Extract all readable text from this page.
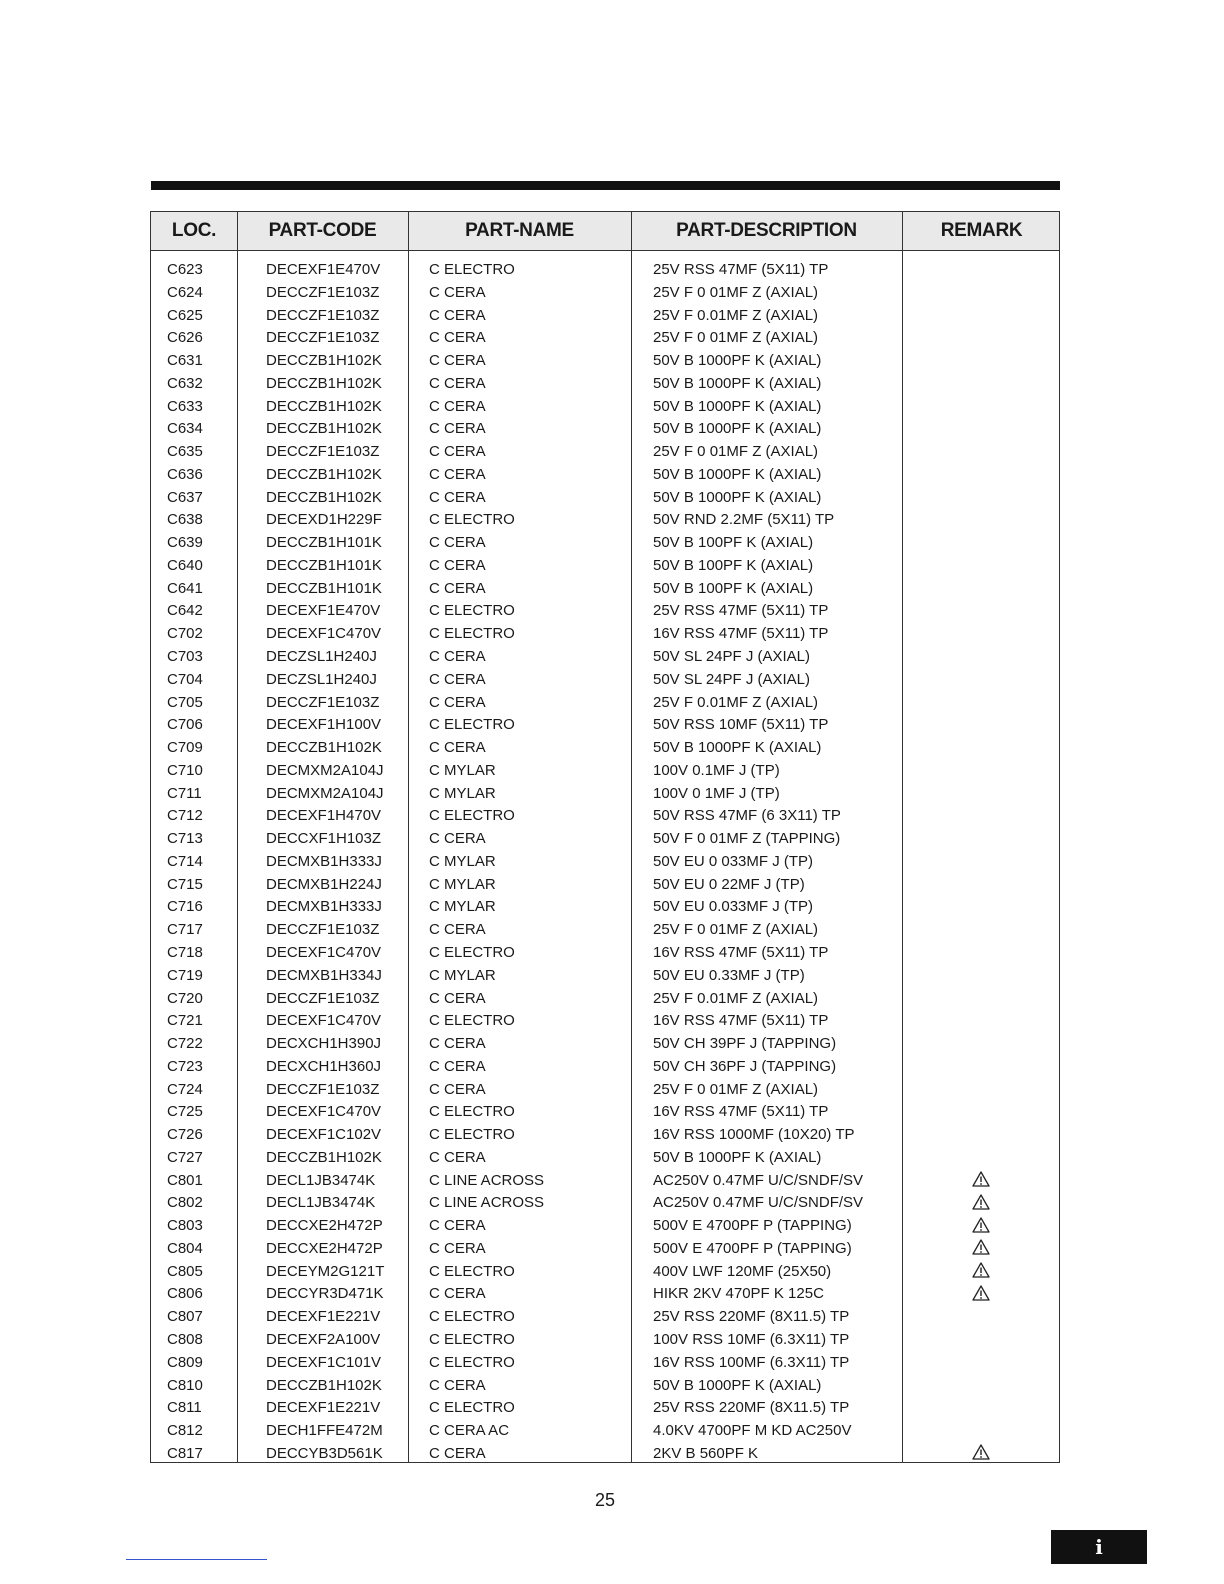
LOC.	PART-CODE	PART-NAME	PART-DESCRIPTION	REMARK
C623	DECEXF1E470V	C ELECTRO	25V RSS 47MF (5X11) TP
C624	DECCZF1E103Z	C CERA	25V F 0 01MF Z (AXIAL)
C625	DECCZF1E103Z	C CERA	25V F 0.01MF Z (AXIAL)
C626	DECCZF1E103Z	C CERA	25V F 0 01MF Z (AXIAL)
C631	DECCZB1H102K	C CERA	50V B 1000PF K (AXIAL)
C632	DECCZB1H102K	C CERA	50V B 1000PF K (AXIAL)
C633	DECCZB1H102K	C CERA	50V B 1000PF K (AXIAL)
C634	DECCZB1H102K	C CERA	50V B 1000PF K (AXIAL)
C635	DECCZF1E103Z	C CERA	25V F 0 01MF Z (AXIAL)
C636	DECCZB1H102K	C CERA	50V B 1000PF K (AXIAL)
C637	DECCZB1H102K	C CERA	50V B 1000PF K (AXIAL)
C638	DECEXD1H229F	C ELECTRO	50V RND 2.2MF (5X11) TP
C639	DECCZB1H101K	C CERA	50V B 100PF K (AXIAL)
C640	DECCZB1H101K	C CERA	50V B 100PF K (AXIAL)
C641	DECCZB1H101K	C CERA	50V B 100PF K (AXIAL)
C642	DECEXF1E470V	C ELECTRO	25V RSS 47MF (5X11) TP
C702	DECEXF1C470V	C ELECTRO	16V RSS 47MF (5X11) TP
C703	DECZSL1H240J	C CERA	50V SL 24PF J (AXIAL)
C704	DECZSL1H240J	C CERA	50V SL 24PF J (AXIAL)
C705	DECCZF1E103Z	C CERA	25V F 0.01MF Z (AXIAL)
C706	DECEXF1H100V	C ELECTRO	50V RSS 10MF (5X11) TP
C709	DECCZB1H102K	C CERA	50V B 1000PF K (AXIAL)
C710	DECMXM2A104J	C MYLAR	100V 0.1MF J (TP)
C711	DECMXM2A104J	C MYLAR	100V 0 1MF J (TP)
C712	DECEXF1H470V	C ELECTRO	50V RSS 47MF (6 3X11) TP
C713	DECCXF1H103Z	C CERA	50V F 0 01MF Z (TAPPING)
C714	DECMXB1H333J	C MYLAR	50V EU 0 033MF J (TP)
C715	DECMXB1H224J	C MYLAR	50V EU 0 22MF J (TP)
C716	DECMXB1H333J	C MYLAR	50V EU 0.033MF J (TP)
C717	DECCZF1E103Z	C CERA	25V F 0 01MF Z (AXIAL)
C718	DECEXF1C470V	C ELECTRO	16V RSS 47MF (5X11) TP
C719	DECMXB1H334J	C MYLAR	50V EU 0.33MF J (TP)
C720	DECCZF1E103Z	C CERA	25V F 0.01MF Z (AXIAL)
C721	DECEXF1C470V	C ELECTRO	16V RSS 47MF (5X11) TP
C722	DECXCH1H390J	C CERA	50V CH 39PF J (TAPPING)
C723	DECXCH1H360J	C CERA	50V CH 36PF J (TAPPING)
C724	DECCZF1E103Z	C CERA	25V F 0 01MF Z (AXIAL)
C725	DECEXF1C470V	C ELECTRO	16V RSS 47MF (5X11) TP
C726	DECEXF1C102V	C ELECTRO	16V RSS 1000MF (10X20) TP
C727	DECCZB1H102K	C CERA	50V B 1000PF K (AXIAL)
C801	DECL1JB3474K	C LINE ACROSS	AC250V 0.47MF U/C/SNDF/SV
C802	DECL1JB3474K	C LINE ACROSS	AC250V 0.47MF U/C/SNDF/SV
C803	DECCXE2H472P	C CERA	500V E 4700PF P (TAPPING)
C804	DECCXE2H472P	C CERA	500V E 4700PF P (TAPPING)
C805	DECEYM2G121T	C ELECTRO	400V LWF 120MF (25X50)
C806	DECCYR3D471K	C CERA	HIKR 2KV 470PF K 125C
C807	DECEXF1E221V	C ELECTRO	25V RSS 220MF (8X11.5) TP
C808	DECEXF2A100V	C ELECTRO	100V RSS 10MF (6.3X11) TP
C809	DECEXF1C101V	C ELECTRO	16V RSS 100MF (6.3X11) TP
C810	DECCZB1H102K	C CERA	50V B 1000PF K (AXIAL)
C811	DECEXF1E221V	C ELECTRO	25V RSS 220MF (8X11.5) TP
C812	DECH1FFE472M	C CERA AC	4.0KV 4700PF M KD AC250V
C817	DECCYB3D561K	C CERA	2KV B 560PF K
25
i
